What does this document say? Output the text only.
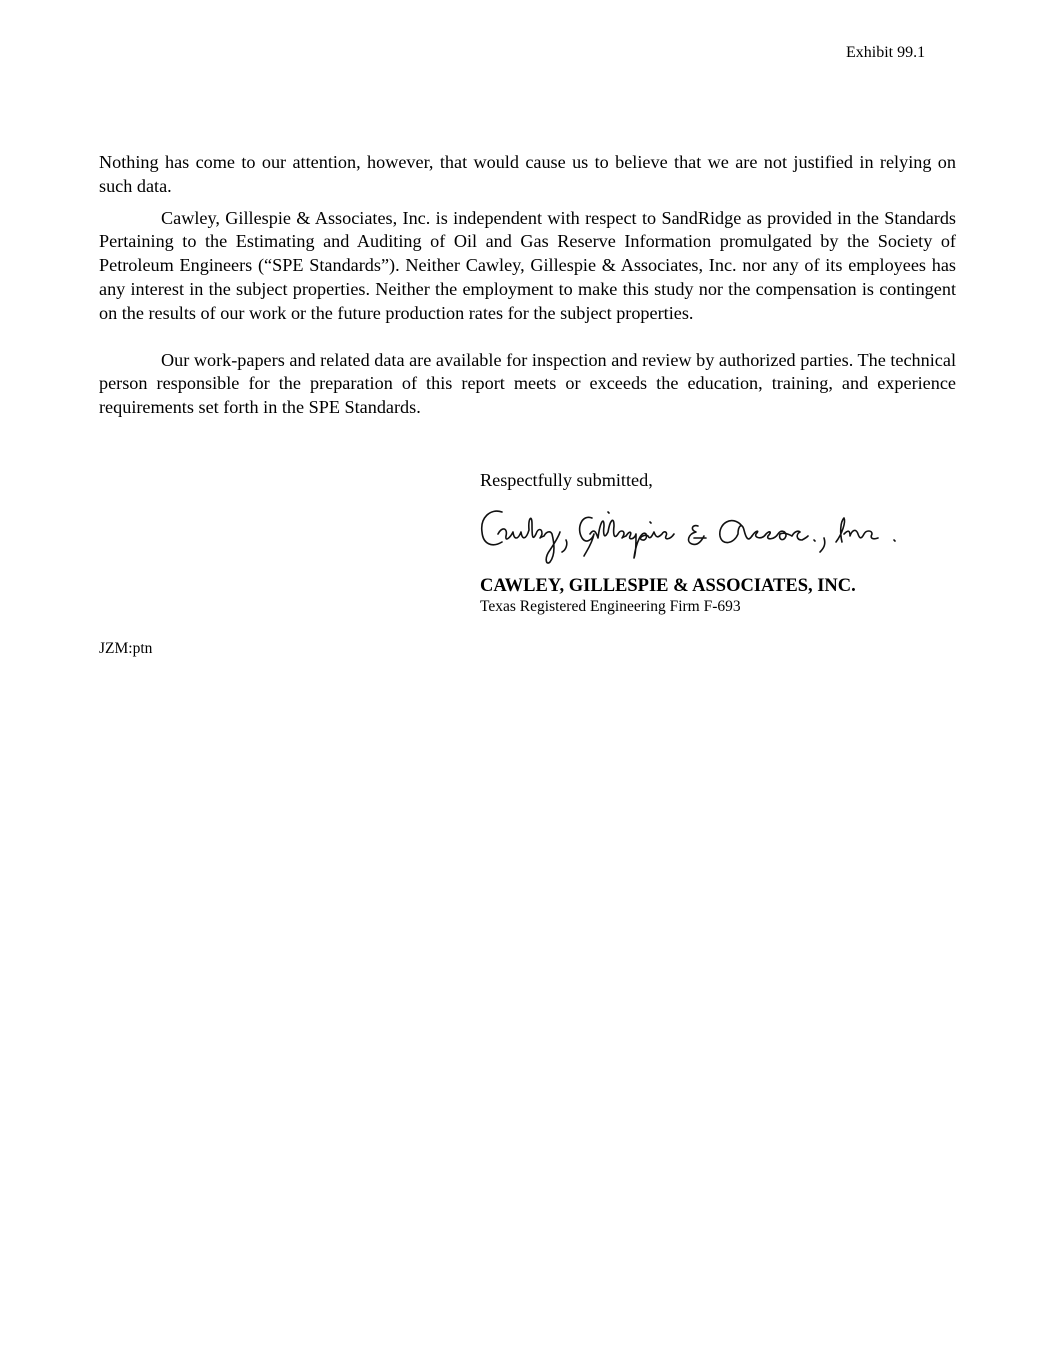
Exhibit 99.1

Nothing has come to our attention, however, that would cause us to believe that we are not justified in relying on such data.

Cawley, Gillespie & Associates, Inc. is independent with respect to SandRidge as provided in the Standards Pertaining to the Estimating and Auditing of Oil and Gas Reserve Information promulgated by the Society of Petroleum Engineers (“SPE Standards”). Neither Cawley, Gillespie & Associates, Inc. nor any of its employees has any interest in the subject properties. Neither the employment to make this study nor the compensation is contingent on the results of our work or the future production rates for the subject properties.

Our work-papers and related data are available for inspection and review by authorized parties. The technical person responsible for the preparation of this report meets or exceeds the education, training, and experience requirements set forth in the SPE Standards.

Respectfully submitted,
CAWLEY, GILLESPIE & ASSOCIATES, INC.
Texas Registered Engineering Firm F-693
JZM:ptn
